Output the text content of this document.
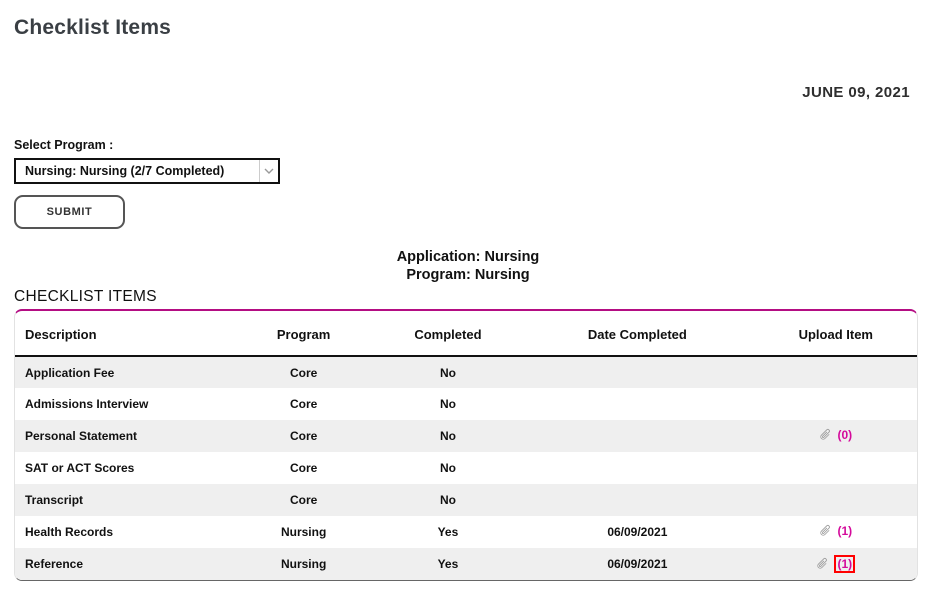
Checklist Items
JUNE 09, 2021
Select Program :
Nursing: Nursing (2/7 Completed)
SUBMIT
Application: Nursing
Program: Nursing
CHECKLIST ITEMS
Description	Program	Completed	Date Completed	Upload Item
Application Fee	Core	No		
Admissions Interview	Core	No		
Personal Statement	Core	No		(0)

SAT or ACT Scores	Core	No		
Transcript	Core	No		
Health Records	Nursing	Yes	06/09/2021	(1)

Reference	Nursing	Yes	06/09/2021	(1)
